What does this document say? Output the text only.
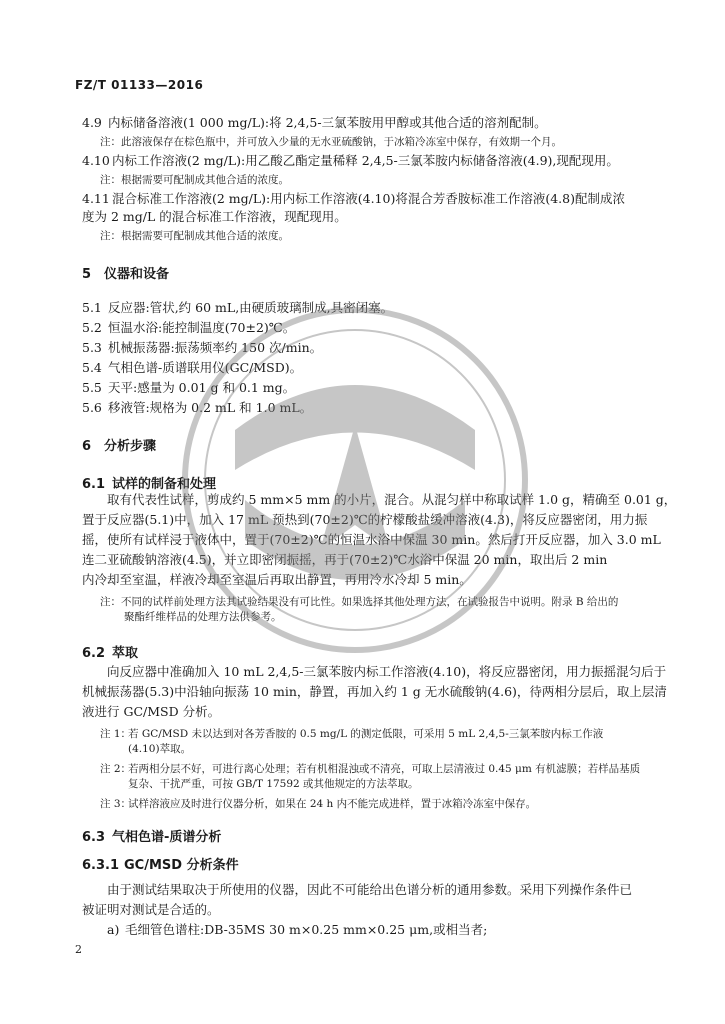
FZ/T 01133—2016
4.9 内标储备溶液(1 000 mg/L):将 2,4,5-三氯苯胺用甲醇或其他合适的溶剂配制。
注：此溶液保存在棕色瓶中，并可放入少量的无水亚硫酸钠，于冰箱冷冻室中保存，有效期一个月。
4.10 内标工作溶液(2 mg/L):用乙酸乙酯定量稀释 2,4,5-三氯苯胺内标储备溶液(4.9),现配现用。
注：根据需要可配制成其他合适的浓度。
4.11 混合标准工作溶液(2 mg/L):用内标工作溶液(4.10)将混合芳香胺标准工作溶液(4.8)配制成浓
度为 2 mg/L 的混合标准工作溶液，现配现用。
注：根据需要可配制成其他合适的浓度。
5 仪器和设备
5.1 反应器:管状,约 60 mL,由硬质玻璃制成,具密闭塞。
5.2 恒温水浴:能控制温度(70±2)℃。
5.3 机械振荡器:振荡频率约 150 次/min。
5.4 气相色谱-质谱联用仪(GC/MSD)。
5.5 天平:感量为 0.01 g 和 0.1 mg。
5.6 移液管:规格为 0.2 mL 和 1.0 mL。
6 分析步骤
6.1 试样的制备和处理
取有代表性试样，剪成约 5 mm×5 mm 的小片，混合。从混匀样中称取试样 1.0 g，精确至 0.01 g，
置于反应器(5.1)中，加入 17 mL 预热到(70±2)℃的柠檬酸盐缓冲溶液(4.3)，将反应器密闭，用力振
摇，使所有试样浸于液体中，置于(70±2)℃的恒温水浴中保温 30 min。然后打开反应器，加入 3.0 mL
连二亚硫酸钠溶液(4.5)，并立即密闭振摇，再于(70±2)℃水浴中保温 20 min，取出后 2 min
内冷却至室温，样液冷却至室温后再取出静置，再用冷水冷却 5 min。
注：不同的试样前处理方法其试验结果没有可比性。如果选择其他处理方法，在试验报告中说明。附录 B 给出的
聚酯纤维样品的处理方法供参考。
6.2 萃取
向反应器中准确加入 10 mL 2,4,5-三氯苯胺内标工作溶液(4.10)，将反应器密闭，用力振摇混匀后于
机械振荡器(5.3)中沿轴向振荡 10 min，静置，再加入约 1 g 无水硫酸钠(4.6)，待两相分层后，取上层清
液进行 GC/MSD 分析。
注 1：若 GC/MSD 未以达到对各芳香胺的 0.5 mg/L 的测定低限，可采用 5 mL 2,4,5-三氯苯胺内标工作液
(4.10)萃取。
注 2：若两相分层不好，可进行离心处理；若有机相混浊或不清亮，可取上层清液过 0.45 μm 有机滤膜；若样品基质
复杂、干扰严重，可按 GB/T 17592 或其他规定的方法萃取。
注 3：试样溶液应及时进行仪器分析，如果在 24 h 内不能完成进样，置于冰箱冷冻室中保存。
6.3 气相色谱-质谱分析
6.3.1 GC/MSD 分析条件
由于测试结果取决于所使用的仪器，因此不可能给出色谱分析的通用参数。采用下列操作条件已
被证明对测试是合适的。
a) 毛细管色谱柱:DB-35MS 30 m×0.25 mm×0.25 μm,或相当者;
2
